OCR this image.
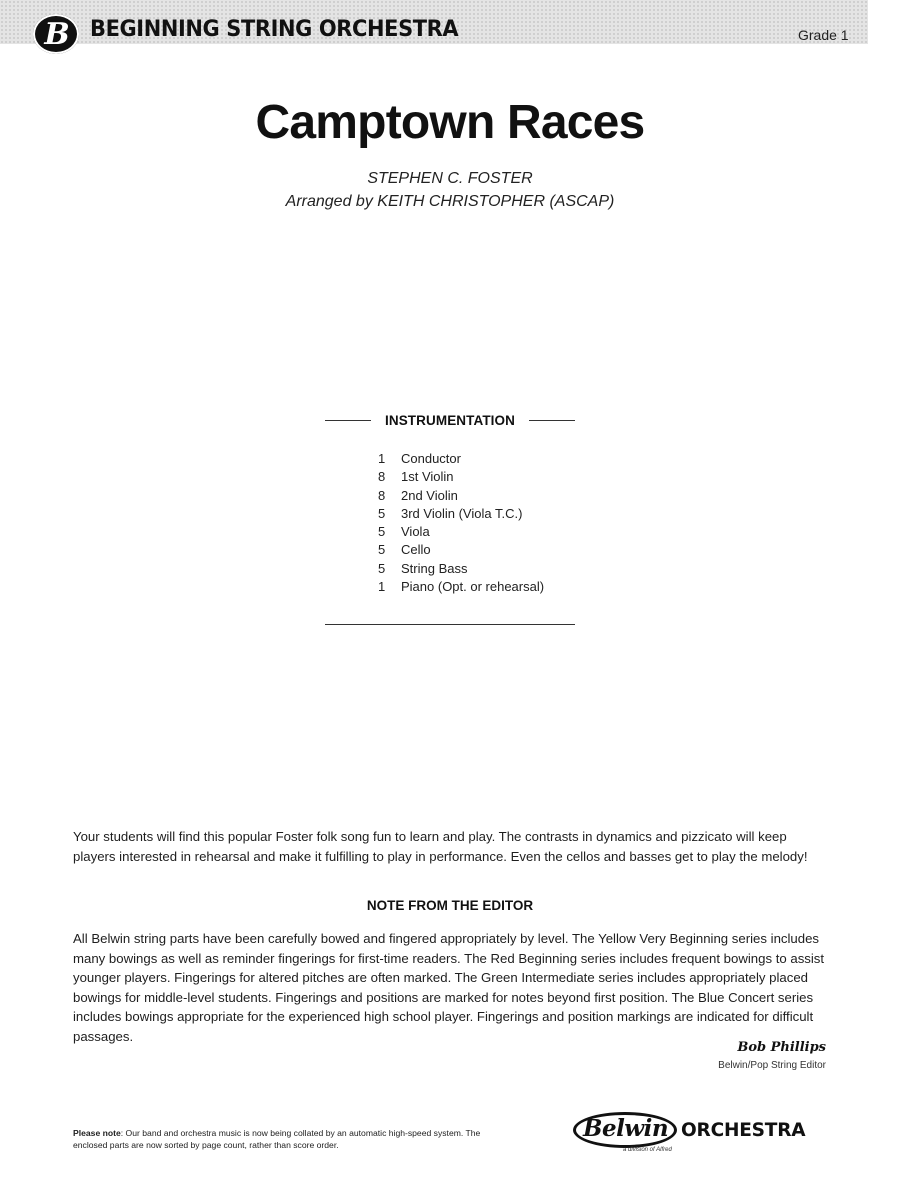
B BEGINNING STRING ORCHESTRA	Grade 1
Camptown Races
STEPHEN C. FOSTER
Arranged by KEITH CHRISTOPHER (ASCAP)
INSTRUMENTATION
1 Conductor
8 1st Violin
8 2nd Violin
5 3rd Violin (Viola T.C.)
5 Viola
5 Cello
5 String Bass
1 Piano (Opt. or rehearsal)

Your students will find this popular Foster folk song fun to learn and play. The contrasts in dynamics and pizzicato will keep players interested in rehearsal and make it fulfilling to play in performance. Even the cellos and basses get to play the melody!

NOTE FROM THE EDITOR

All Belwin string parts have been carefully bowed and fingered appropriately by level. The Yellow Very Beginning series includes many bowings as well as reminder fingerings for first-time readers. The Red Beginning series includes frequent bowings to assist younger players. Fingerings for altered pitches are often marked. The Green Intermediate series includes appropriately placed bowings for middle-level students. Fingerings and positions are marked for notes beyond first position. The Blue Concert series includes bowings appropriate for the experienced high school player. Fingerings and position markings are indicated for difficult passages.

Bob Phillips
Belwin/Pop String Editor

Please note: Our band and orchestra music is now being collated by an automatic high-speed system. The enclosed parts are now sorted by page count, rather than score order.

Belwin ORCHESTRA
a division of Alfred
